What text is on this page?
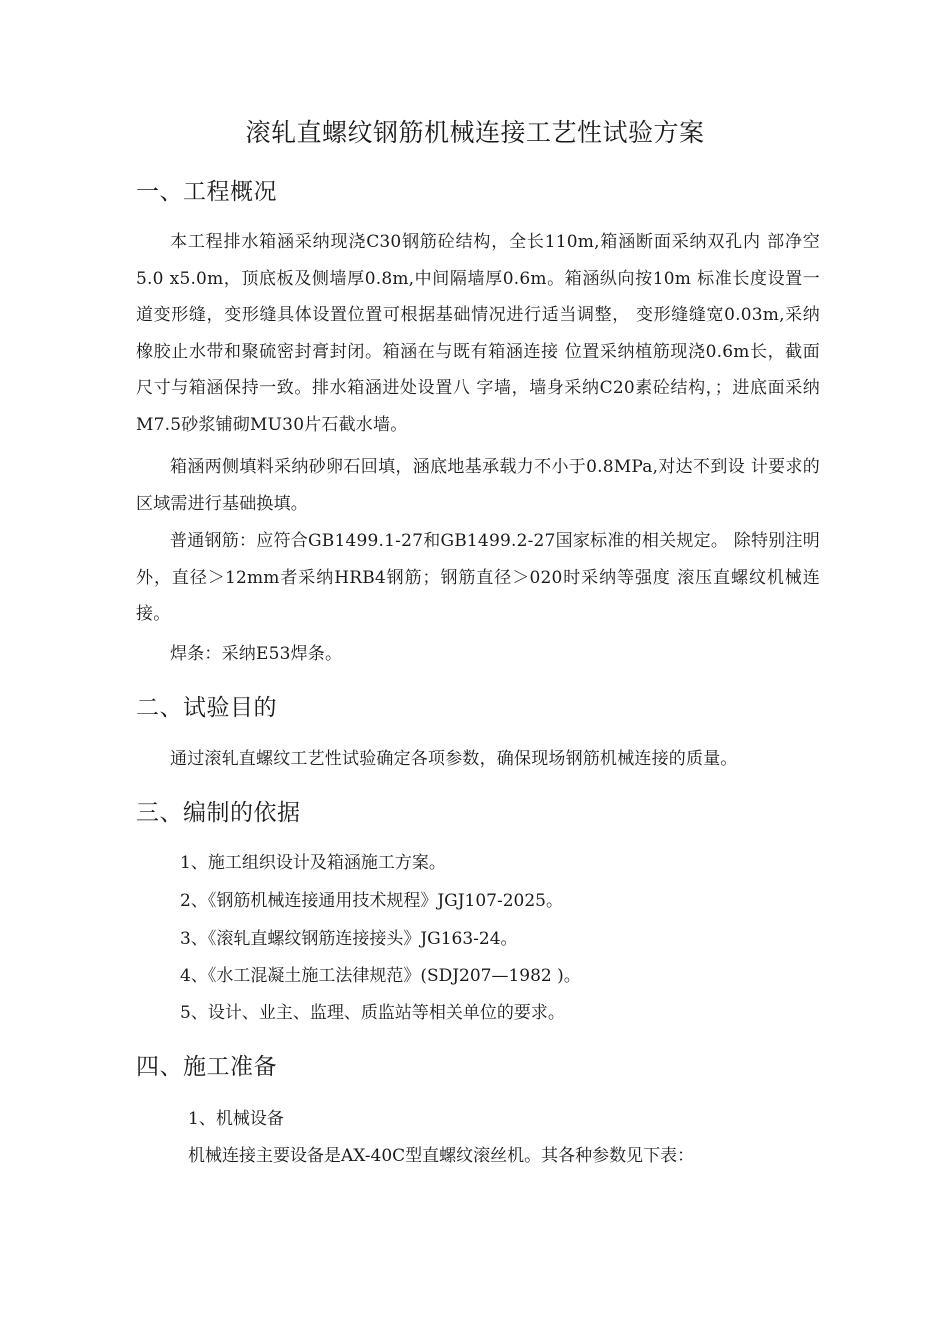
滚轧直螺纹钢筋机械连接工艺性试验方案
一、工程概况

本工程排水箱涵采纳现浇C30钢筋砼结构，全长110m,箱涵断面采纳双孔内 部净空5.0 x5.0m，顶底板及侧墙厚0.8m,中间隔墙厚0.6m。箱涵纵向按10m 标准长度设置一道变形缝，变形缝具体设置位置可根据基础情况进行适当调整， 变形缝缝宽0.03m,采纳橡胶止水带和聚硫密封膏封闭。箱涵在与既有箱涵连接 位置采纳植筋现浇0.6m长，截面尺寸与箱涵保持一致。排水箱涵进处设置八 字墙，墙身采纳C20素砼结构，；进底面采纳M7.5砂浆铺砌MU30片石截水墙。

箱涵两侧填料采纳砂卵石回填，涵底地基承载力不小于0.8MPa,对达不到设 计要求的区域需进行基础换填。

普通钢筋：应符合GB1499.1-27和GB1499.2-27国家标准的相关规定。 除特别注明外，直径＞12mm者采纳HRB4钢筋；钢筋直径＞020时采纳等强度 滚压直螺纹机械连接。

焊条：采纳E53焊条。

二、试验目的

通过滚轧直螺纹工艺性试验确定各项参数，确保现场钢筋机械连接的质量。

三、编制的依据

1、施工组织设计及箱涵施工方案。

2、《钢筋机械连接通用技术规程》JGJ107-2025。

3、《滚轧直螺纹钢筋连接接头》JG163-24。

4、《水工混凝土施工法律规范》(SDJ207—1982 )。

5、设计、业主、监理、质监站等相关单位的要求。

四、施工准备

1、机械设备

机械连接主要设备是AX-40C型直螺纹滚丝机。其各种参数见下表：
